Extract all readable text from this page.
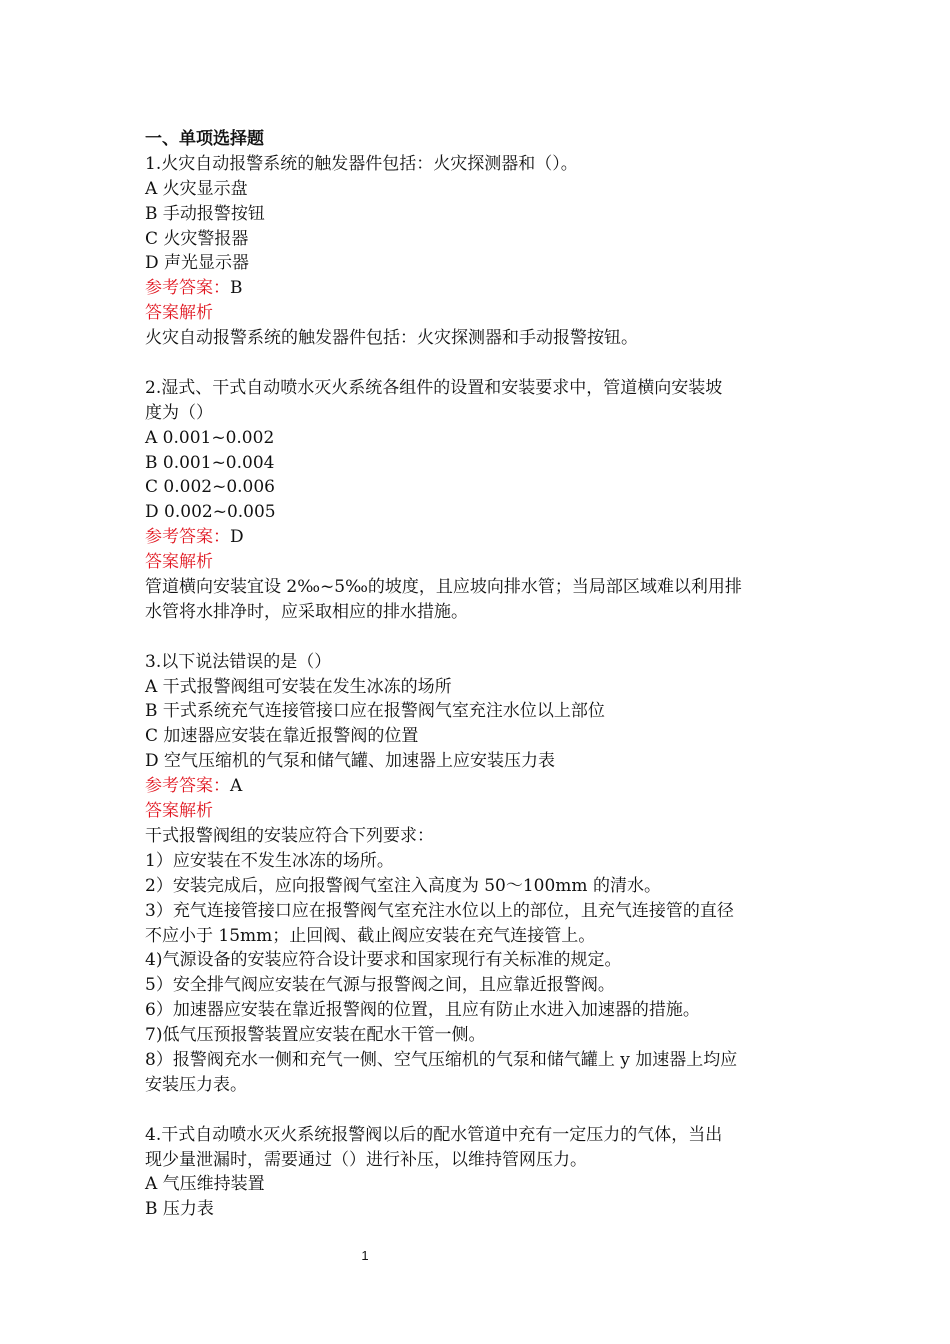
一、单项选择题
1.火灾自动报警系统的触发器件包括：火灾探测器和（）。
A 火灾显示盘
B 手动报警按钮
C 火灾警报器
D 声光显示器
参考答案：B
答案解析
火灾自动报警系统的触发器件包括：火灾探测器和手动报警按钮。
2.湿式、干式自动喷水灭火系统各组件的设置和安装要求中，管道横向安装坡
度为（）
A 0.001~0.002
B 0.001~0.004
C 0.002~0.006
D 0.002~0.005
参考答案：D
答案解析
管道横向安装宜设 2‰~5‰的坡度，且应坡向排水管；当局部区域难以利用排
水管将水排净时，应采取相应的排水措施。
3.以下说法错误的是（）
A 干式报警阀组可安装在发生冰冻的场所
B 干式系统充气连接管接口应在报警阀气室充注水位以上部位
C 加速器应安装在靠近报警阀的位置
D 空气压缩机的气泵和储气罐、加速器上应安装压力表
参考答案：A
答案解析
干式报警阀组的安装应符合下列要求：
1）应安装在不发生冰冻的场所。
2）安装完成后，应向报警阀气室注入高度为 50～100mm 的清水。
3）充气连接管接口应在报警阀气室充注水位以上的部位，且充气连接管的直径
不应小于 15mm；止回阀、截止阀应安装在充气连接管上。
4)气源设备的安装应符合设计要求和国家现行有关标准的规定。
5）安全排气阀应安装在气源与报警阀之间，且应靠近报警阀。
6）加速器应安装在靠近报警阀的位置，且应有防止水进入加速器的措施。
7)低气压预报警装置应安装在配水干管一侧。
8）报警阀充水一侧和充气一侧、空气压缩机的气泵和储气罐上 y 加速器上均应
安装压力表。
4.干式自动喷水灭火系统报警阀以后的配水管道中充有一定压力的气体，当出
现少量泄漏时，需要通过（）进行补压，以维持管网压力。
A 气压维持装置
B 压力表
1
